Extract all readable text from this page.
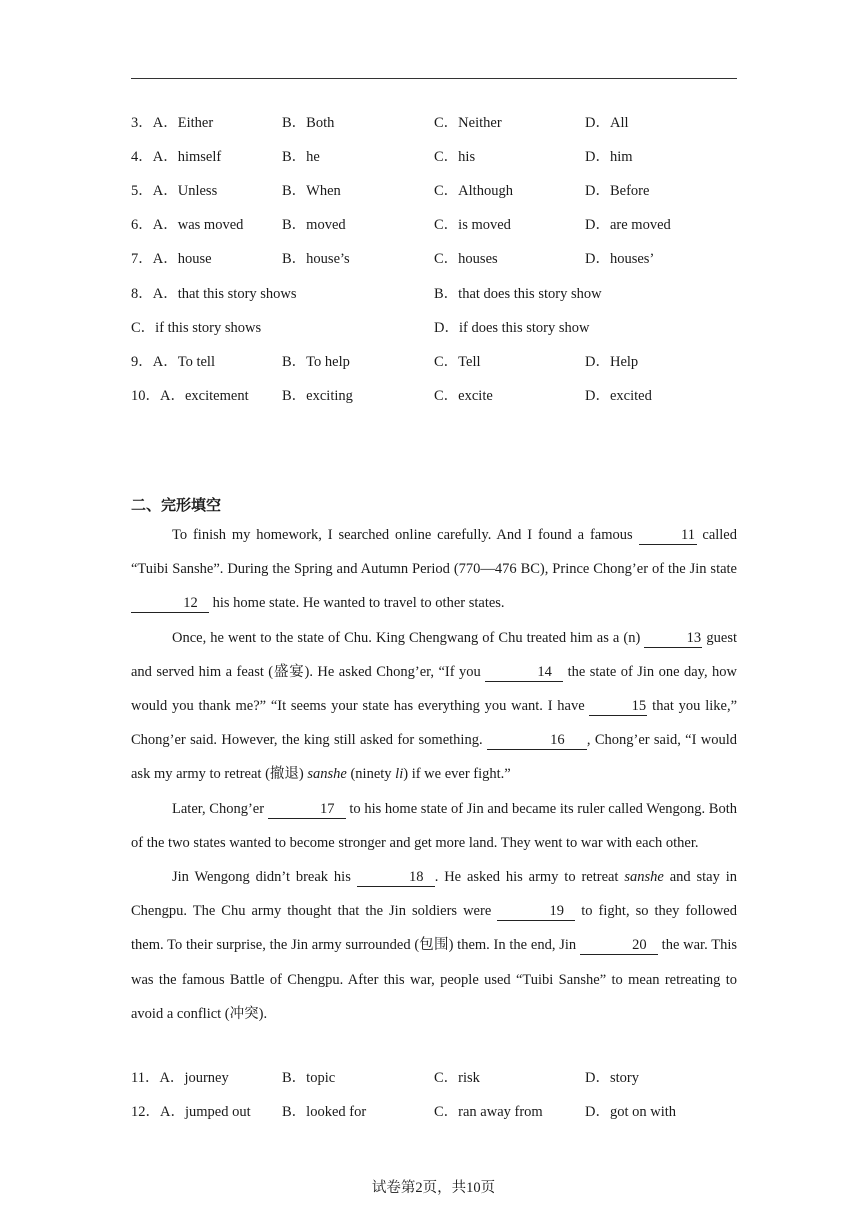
3．A．Either	B．Both	C．Neither	D．All
4．A．himself	B．he	C．his	D．him
5．A．Unless	B．When	C．Although	D．Before
6．A．was moved	B．moved	C．is moved	D．are moved
7．A．house	B．house’s	C．houses	D．houses’
8．A．that this story shows	B．that does this story show
C．if this story shows	D．if does this story show
9．A．To tell	B．To help	C．Tell	D．Help
10．A．excitement B．exciting	C．excite	D．excited
二、完形填空

To finish my homework, I searched online carefully. And I found a famous	11 called “Tuibi Sanshe”. During the Spring and Autumn Period (770—476 BC), Prince Chong’er of the Jin state 12 his home state. He wanted to travel to other states.

Once, he went to the state of Chu. King Chengwang of Chu treated him as a (n)	13 guest and served him a feast (盛宴). He asked Chong’er, “If you	14 the state of Jin one day, how would you thank me?” “It seems your state has everything you want. I have	15 that you like,” Chong’er said. However, the king still asked for something.	16 , Chong’er said, “I would ask my army to retreat (撤退) sanshe (ninety li) if we ever fight.”

Later, Chong’er	17 to his home state of Jin and became its ruler called Wengong. Both of the two states wanted to become stronger and get more land. They went to war with each other.

Jin Wengong didn’t break his	18 . He asked his army to retreat sanshe and stay in Chengpu. The Chu army thought that the Jin soldiers were	19 to fight, so they followed them. To their surprise, the Jin army surrounded (包围) them. In the end, Jin	20 the war. This was the famous Battle of Chengpu. After this war, people used “Tuibi Sanshe” to mean retreating to avoid a conflict (冲突).

11．A．journey	B．topic	C．risk	D．story
12．A．jumped out B．looked for	C．ran away from	D．got on with
试卷第2页，共10页
